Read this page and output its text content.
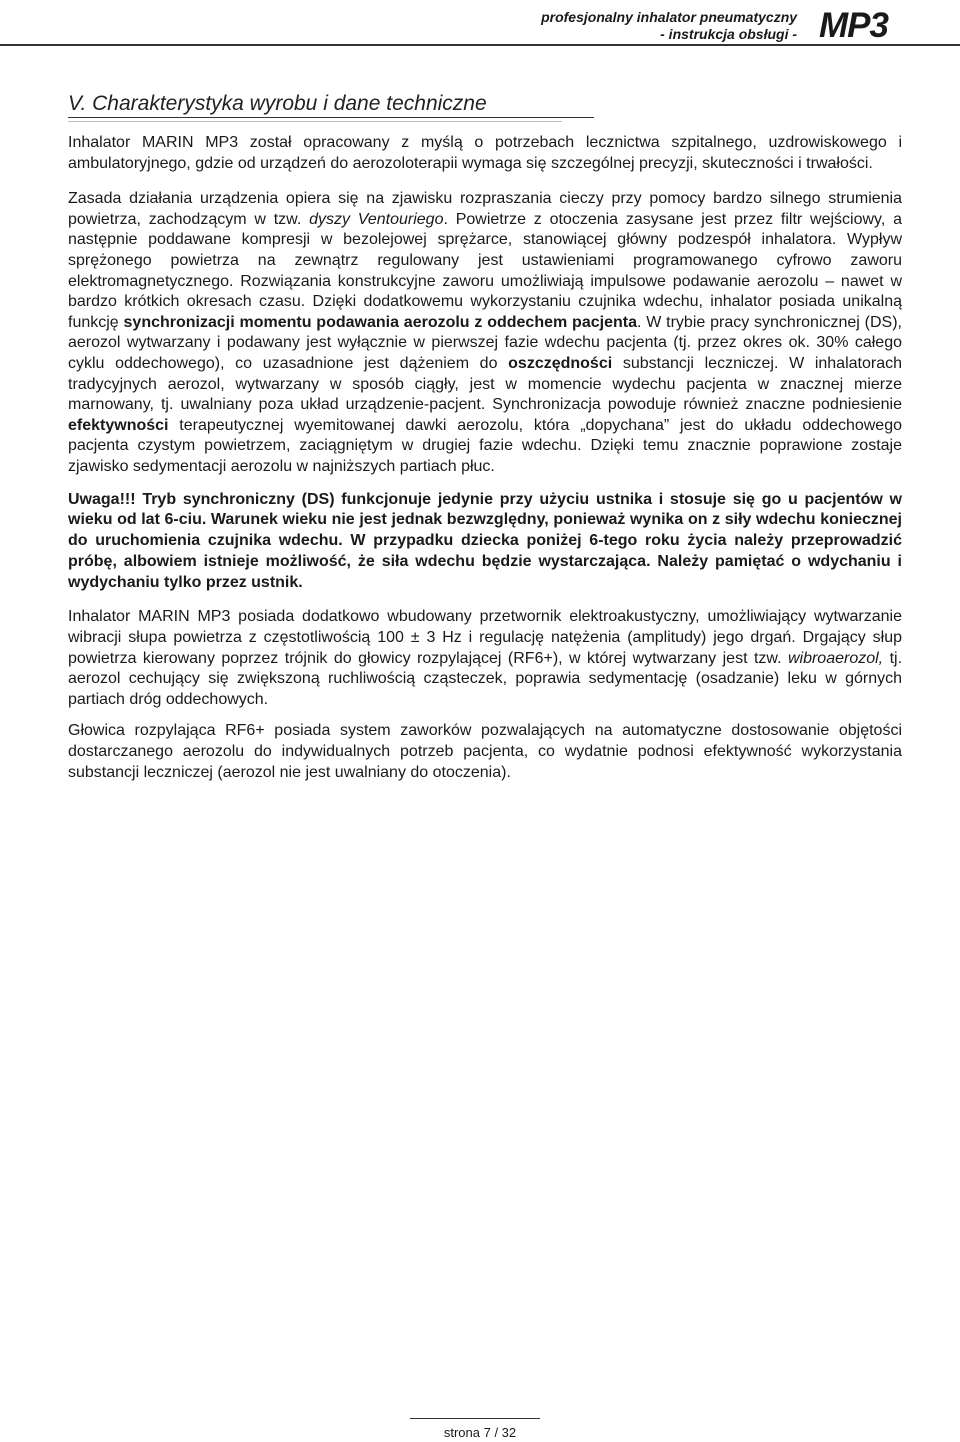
profesjonalny inhalator pneumatyczny
- instrukcja obsługi - MP3
V. Charakterystyka wyrobu i dane techniczne

Inhalator MARIN MP3 został opracowany z myślą o potrzebach lecznictwa szpitalnego, uzdrowiskowego i ambulatoryjnego, gdzie od urządzeń do aerozoloterapii wymaga się szczególnej precyzji, skuteczności i trwałości.

Zasada działania urządzenia opiera się na zjawisku rozpraszania cieczy przy pomocy bardzo silnego strumienia powietrza, zachodzącym w tzw. dyszy Ventouriego. Powietrze z otoczenia zasysane jest przez filtr wejściowy, a następnie poddawane kompresji w bezolejowej sprężarce, stanowiącej główny podzespół inhalatora. Wypływ sprężonego powietrza na zewnątrz regulowany jest ustawieniami programowanego cyfrowo zaworu elektromagnetycznego. Rozwiązania konstrukcyjne zaworu umożliwiają impulsowe podawanie aerozolu – nawet w bardzo krótkich okresach czasu. Dzięki dodatkowemu wykorzystaniu czujnika wdechu, inhalator posiada unikalną funkcję synchronizacji momentu podawania aerozolu z oddechem pacjenta. W trybie pracy synchronicznej (DS), aerozol wytwarzany i podawany jest wyłącznie w pierwszej fazie wdechu pacjenta (tj. przez okres ok. 30% całego cyklu oddechowego), co uzasadnione jest dążeniem do oszczędności substancji leczniczej. W inhalatorach tradycyjnych aerozol, wytwarzany w sposób ciągły, jest w momencie wydechu pacjenta w znacznej mierze marnowany, tj. uwalniany poza układ urządzenie-pacjent. Synchronizacja powoduje również znaczne podniesienie efektywności terapeutycznej wyemitowanej dawki aerozolu, która „dopychana” jest do układu oddechowego pacjenta czystym powietrzem, zaciągniętym w drugiej fazie wdechu. Dzięki temu znacznie poprawione zostaje zjawisko sedymentacji aerozolu w najniższych partiach płuc.

Uwaga!!! Tryb synchroniczny (DS) funkcjonuje jedynie przy użyciu ustnika i stosuje się go u pacjentów w wieku od lat 6-ciu. Warunek wieku nie jest jednak bezwzględny, ponieważ wynika on z siły wdechu koniecznej do uruchomienia czujnika wdechu. W przypadku dziecka poniżej 6-tego roku życia należy przeprowadzić próbę, albowiem istnieje możliwość, że siła wdechu będzie wystarczająca. Należy pamiętać o wdychaniu i wydychaniu tylko przez ustnik.

Inhalator MARIN MP3 posiada dodatkowo wbudowany przetwornik elektroakustyczny, umożliwiający wytwarzanie wibracji słupa powietrza z częstotliwością 100 ± 3 Hz i regulację natężenia (amplitudy) jego drgań. Drgający słup powietrza kierowany poprzez trójnik do głowicy rozpylającej (RF6+), w której wytwarzany jest tzw. wibroaerozol, tj. aerozol cechujący się zwiększoną ruchliwością cząsteczek, poprawia sedymentację (osadzanie) leku w górnych partiach dróg oddechowych.

Głowica rozpylająca RF6+ posiada system zaworków pozwalających na automatyczne dostosowanie objętości dostarczanego aerozolu do indywidualnych potrzeb pacjenta, co wydatnie podnosi efektywność wykorzystania substancji leczniczej (aerozol nie jest uwalniany do otoczenia).

strona 7 / 32
